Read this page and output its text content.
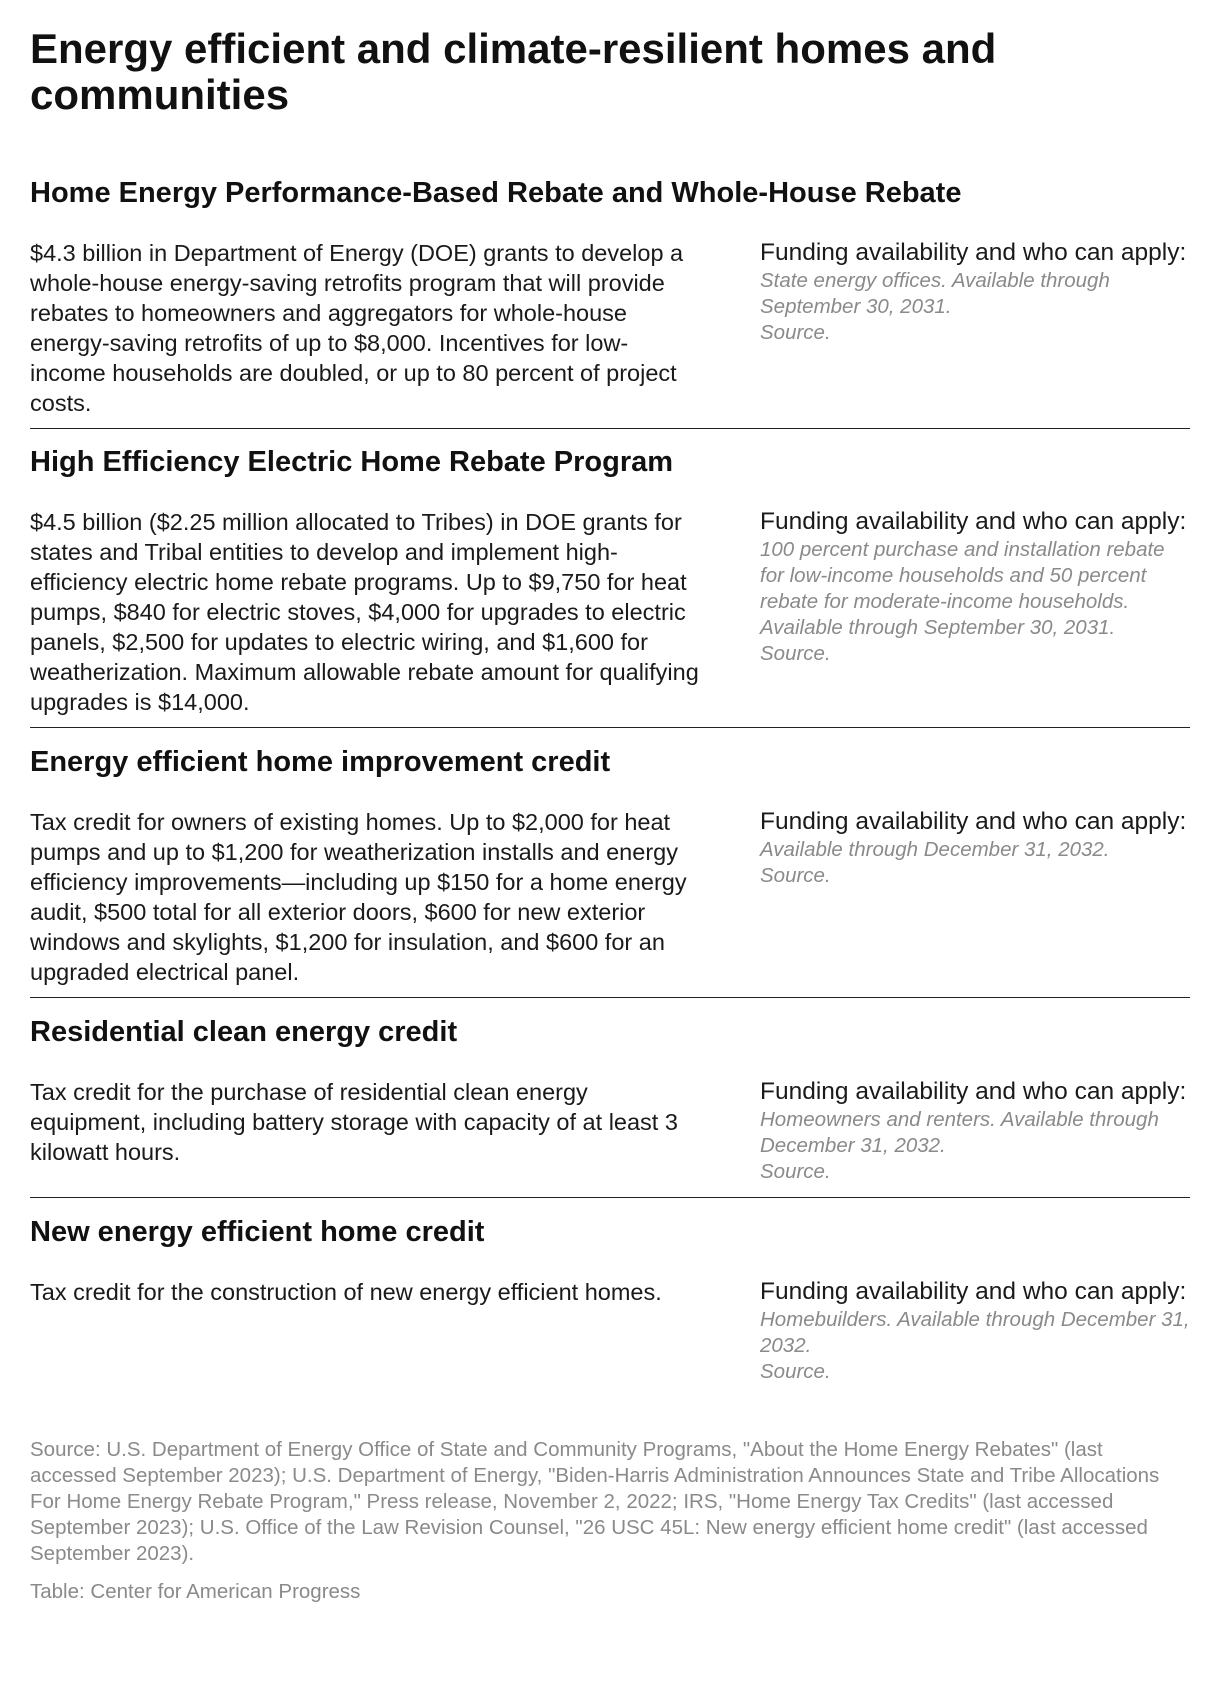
Energy efficient and climate-resilient homes and communities
Home Energy Performance-Based Rebate and Whole-House Rebate
$4.3 billion in Department of Energy (DOE) grants to develop a whole-house energy-saving retrofits program that will provide rebates to homeowners and aggregators for whole-house energy-saving retrofits of up to $8,000. Incentives for low-income households are doubled, or up to 80 percent of project costs.
Funding availability and who can apply:
State energy offices. Available through September 30, 2031.
Source.
High Efficiency Electric Home Rebate Program
$4.5 billion ($2.25 million allocated to Tribes) in DOE grants for states and Tribal entities to develop and implement high-efficiency electric home rebate programs. Up to $9,750 for heat pumps, $840 for electric stoves, $4,000 for upgrades to electric panels, $2,500 for updates to electric wiring, and $1,600 for weatherization. Maximum allowable rebate amount for qualifying upgrades is $14,000.
Funding availability and who can apply:
100 percent purchase and installation rebate for low-income households and 50 percent rebate for moderate-income households. Available through September 30, 2031.
Source.
Energy efficient home improvement credit
Tax credit for owners of existing homes. Up to $2,000 for heat pumps and up to $1,200 for weatherization installs and energy efficiency improvements—including up $150 for a home energy audit, $500 total for all exterior doors, $600 for new exterior windows and skylights, $1,200 for insulation, and $600 for an upgraded electrical panel.
Funding availability and who can apply:
Available through December 31, 2032.
Source.
Residential clean energy credit
Tax credit for the purchase of residential clean energy equipment, including battery storage with capacity of at least 3 kilowatt hours.
Funding availability and who can apply:
Homeowners and renters. Available through December 31, 2032.
Source.
New energy efficient home credit
Tax credit for the construction of new energy efficient homes.	Funding availability and who can apply:
Homebuilders. Available through December 31, 2032.
Source.
Source: U.S. Department of Energy Office of State and Community Programs, "About the Home Energy Rebates" (last accessed September 2023); U.S. Department of Energy, "Biden-Harris Administration Announces State and Tribe Allocations For Home Energy Rebate Program," Press release, November 2, 2022; IRS, "Home Energy Tax Credits" (last accessed September 2023); U.S. Office of the Law Revision Counsel, "26 USC 45L: New energy efficient home credit" (last accessed September 2023).
Table: Center for American Progress
